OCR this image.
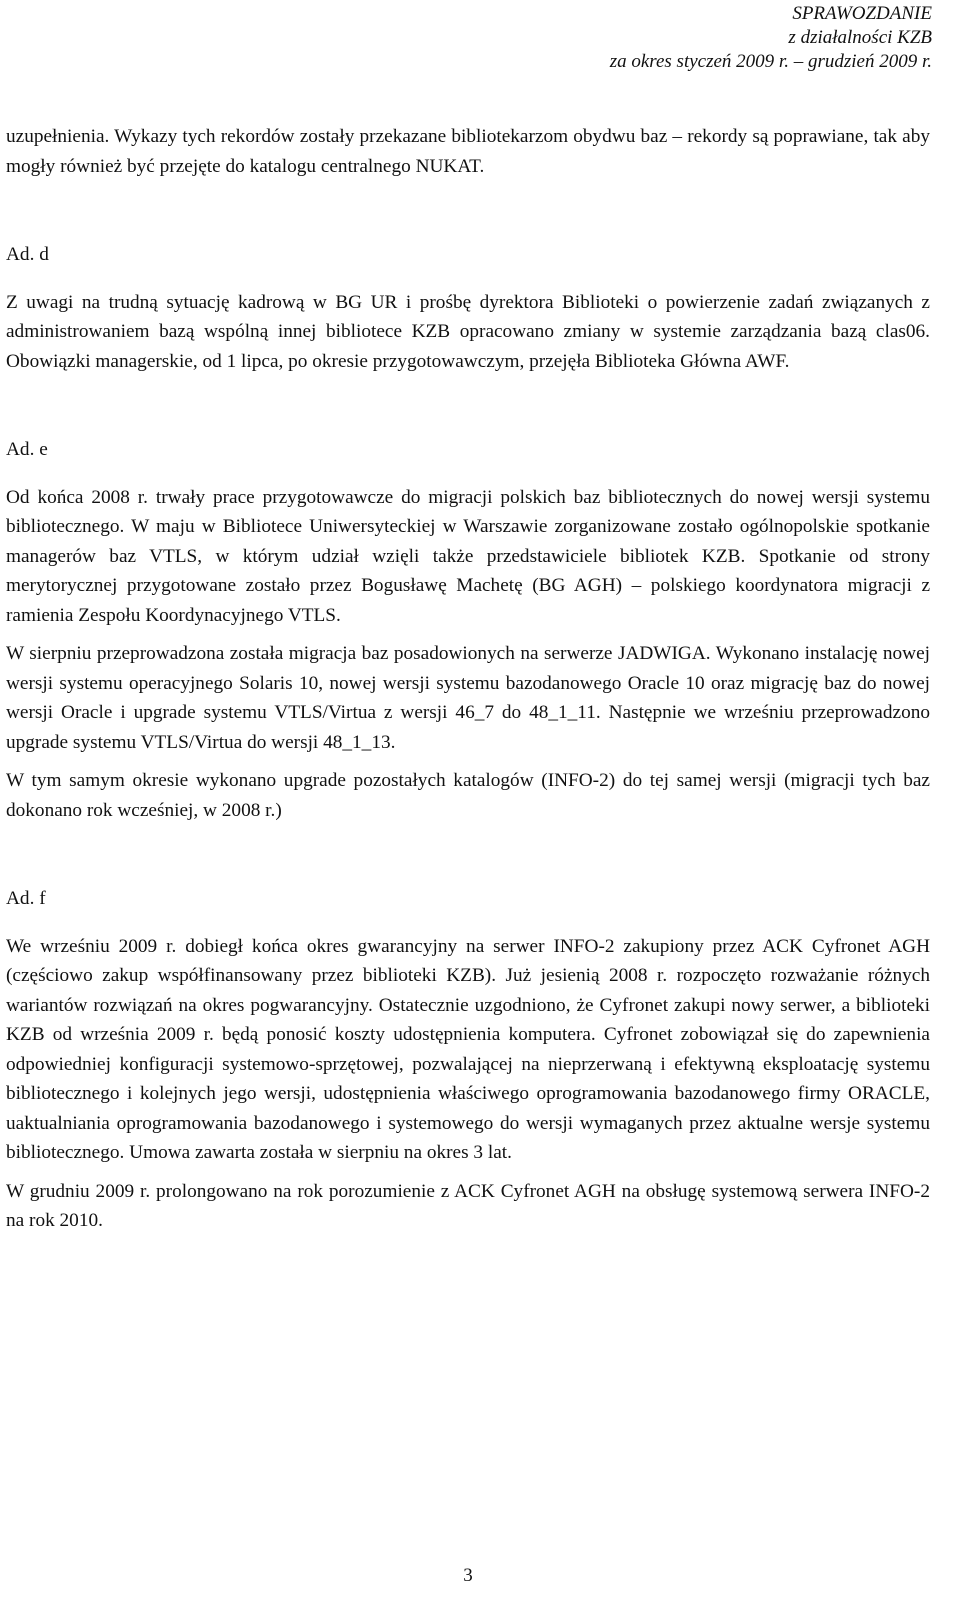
SPRAWOZDANIE
z działalności KZB
za okres styczeń 2009 r. – grudzień 2009 r.

uzupełnienia. Wykazy tych rekordów zostały przekazane bibliotekarzom obydwu baz – rekordy są poprawiane, tak aby mogły również być przejęte do katalogu centralnego NUKAT.

Ad. d

Z uwagi na trudną sytuację kadrową w BG UR i prośbę dyrektora Biblioteki o powierzenie zadań związanych z administrowaniem bazą wspólną innej bibliotece KZB opracowano zmiany w systemie zarządzania bazą clas06. Obowiązki managerskie, od 1 lipca, po okresie przygotowawczym, przejęła Biblioteka Główna AWF.

Ad. e

Od końca 2008 r. trwały prace przygotowawcze do migracji polskich baz bibliotecznych do nowej wersji systemu bibliotecznego. W maju w Bibliotece Uniwersyteckiej w Warszawie zorganizowane zostało ogólnopolskie spotkanie managerów baz VTLS, w którym udział wzięli także przedstawiciele bibliotek KZB. Spotkanie od strony merytorycznej przygotowane zostało przez Bogusławę Machetę (BG AGH) – polskiego koordynatora migracji z ramienia Zespołu Koordynacyjnego VTLS.

W sierpniu przeprowadzona została migracja baz posadowionych na serwerze JADWIGA. Wykonano instalację nowej wersji systemu operacyjnego Solaris 10, nowej wersji systemu bazodanowego Oracle 10 oraz migrację baz do nowej wersji Oracle i upgrade systemu VTLS/Virtua z wersji 46_7 do 48_1_11. Następnie we wrześniu przeprowadzono upgrade systemu VTLS/Virtua do wersji 48_1_13.

W tym samym okresie wykonano upgrade pozostałych katalogów (INFO-2) do tej samej wersji (migracji tych baz dokonano rok wcześniej, w 2008 r.)

Ad. f

We wrześniu 2009 r. dobiegł końca okres gwarancyjny na serwer INFO-2 zakupiony przez ACK Cyfronet AGH (częściowo zakup współfinansowany przez biblioteki KZB). Już jesienią 2008 r. rozpoczęto rozważanie różnych wariantów rozwiązań na okres pogwarancyjny. Ostatecznie uzgodniono, że Cyfronet zakupi nowy serwer, a biblioteki KZB od września 2009 r. będą ponosić koszty udostępnienia komputera. Cyfronet zobowiązał się do zapewnienia odpowiedniej konfiguracji systemowo-sprzętowej, pozwalającej na nieprzerwaną i efektywną eksploatację systemu bibliotecznego i kolejnych jego wersji, udostępnienia właściwego oprogramowania bazodanowego firmy ORACLE, uaktualniania oprogramowania bazodanowego i systemowego do wersji wymaganych przez aktualne wersje systemu bibliotecznego. Umowa zawarta została w sierpniu na okres 3 lat.

W grudniu 2009 r. prolongowano na rok porozumienie z ACK Cyfronet AGH na obsługę systemową serwera INFO-2 na rok 2010.

3
